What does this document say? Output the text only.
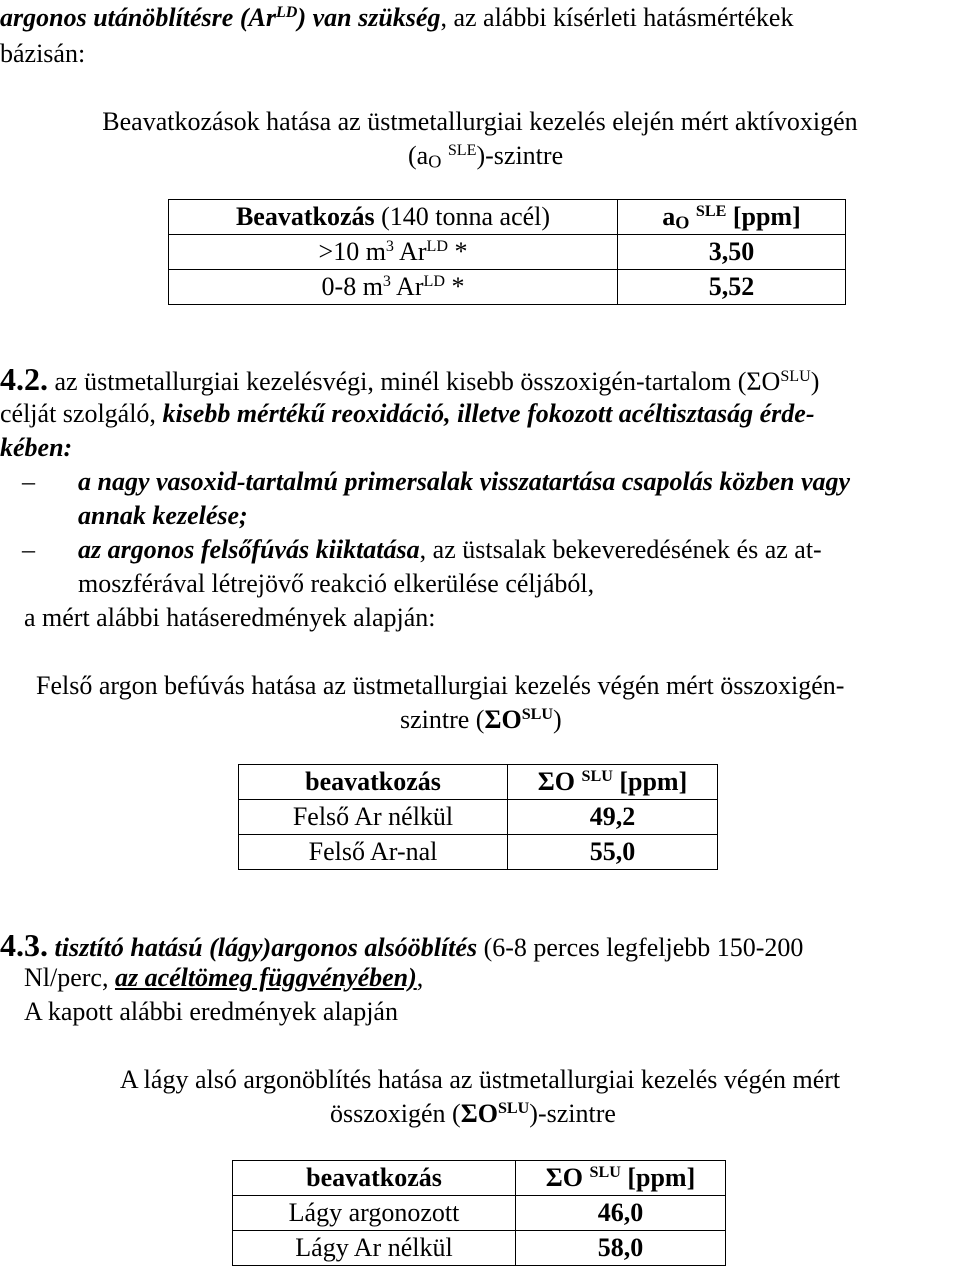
argonos utánöblítésre $(Ar^{LD})$ van szükség, az alábbi kísérleti hatásmértékek
bázisán:
Beavatkozások hatása az üstmetallurgiai kezelés elején mért aktívoxigén
($a_O$ $^{SLE}$)-szintre
Beavatkozás (140 tonna acél)	$a_O$ $^{SLE}$ [ppm]
>10 $m^3$ $Ar^{LD}$ *	3,50
0-8 $m^3$ $Ar^{LD}$ *	5,52
4.2. az üstmetallurgiai kezelésvégi, minél kisebb összoxigén-tartalom $(\Sigma O^{SLU})$
célját szolgáló, kisebb mértékű reoxidáció, illetve fokozott acéltisztaság érde-
kében:
– a nagy vasoxid-tartalmú primersalak visszatartása csapolás közben vagy
annak kezelése;
– az argonos felsőfúvás kiiktatása, az üstsalak bekeveredésének és az at-
moszférával létrejövő reakció elkerülése céljából,
a mért alábbi hatáseredmények alapján:
Felső argon befúvás hatása az üstmetallurgiai kezelés végén mért összoxigén-
szintre $(\Sigma O^{SLU})$
beavatkozás	ΣO $^{SLU}$ [ppm]
Felső Ar nélkül	49,2
Felső Ar-nal	55,0
4.3. tisztító hatású (lágy)argonos alsóöblítés (6-8 perces legfeljebb 150-200
Nl/perc, az acéltömeg függvényében),
A kapott alábbi eredmények alapján
A lágy alsó argonöblítés hatása az üstmetallurgiai kezelés végén mért
összoxigén $(\Sigma O^{SLU})$-szintre
beavatkozás	ΣO $^{SLU}$ [ppm]
Lágy argonozott	46,0
Lágy Ar nélkül	58,0
